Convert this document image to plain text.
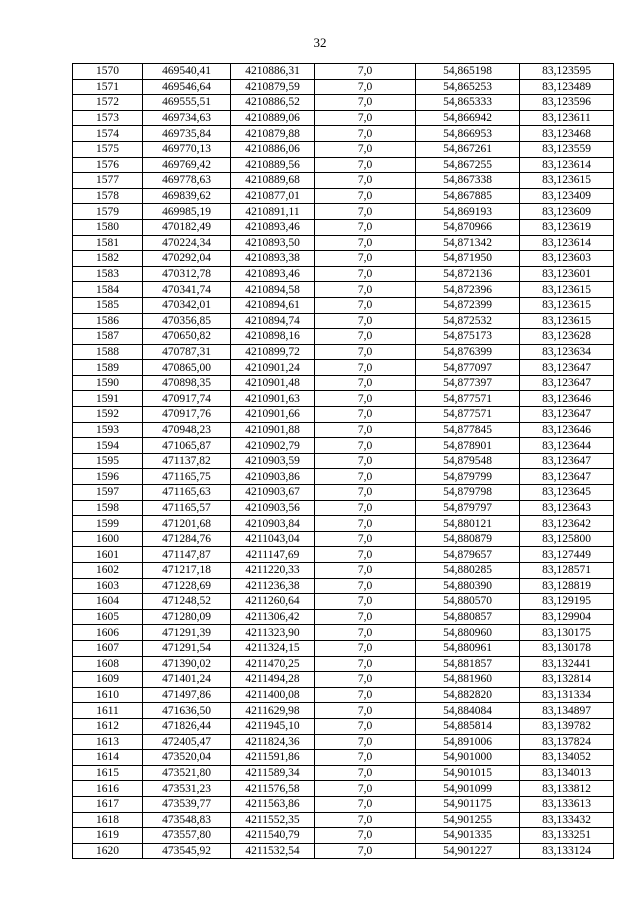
32
1570	469540,41	4210886,31	7,0	54,865198	83,123595
1571	469546,64	4210879,59	7,0	54,865253	83,123489
1572	469555,51	4210886,52	7,0	54,865333	83,123596
1573	469734,63	4210889,06	7,0	54,866942	83,123611
1574	469735,84	4210879,88	7,0	54,866953	83,123468
1575	469770,13	4210886,06	7,0	54,867261	83,123559
1576	469769,42	4210889,56	7,0	54,867255	83,123614
1577	469778,63	4210889,68	7,0	54,867338	83,123615
1578	469839,62	4210877,01	7,0	54,867885	83,123409
1579	469985,19	4210891,11	7,0	54,869193	83,123609
1580	470182,49	4210893,46	7,0	54,870966	83,123619
1581	470224,34	4210893,50	7,0	54,871342	83,123614
1582	470292,04	4210893,38	7,0	54,871950	83,123603
1583	470312,78	4210893,46	7,0	54,872136	83,123601
1584	470341,74	4210894,58	7,0	54,872396	83,123615
1585	470342,01	4210894,61	7,0	54,872399	83,123615
1586	470356,85	4210894,74	7,0	54,872532	83,123615
1587	470650,82	4210898,16	7,0	54,875173	83,123628
1588	470787,31	4210899,72	7,0	54,876399	83,123634
1589	470865,00	4210901,24	7,0	54,877097	83,123647
1590	470898,35	4210901,48	7,0	54,877397	83,123647
1591	470917,74	4210901,63	7,0	54,877571	83,123646
1592	470917,76	4210901,66	7,0	54,877571	83,123647
1593	470948,23	4210901,88	7,0	54,877845	83,123646
1594	471065,87	4210902,79	7,0	54,878901	83,123644
1595	471137,82	4210903,59	7,0	54,879548	83,123647
1596	471165,75	4210903,86	7,0	54,879799	83,123647
1597	471165,63	4210903,67	7,0	54,879798	83,123645
1598	471165,57	4210903,56	7,0	54,879797	83,123643
1599	471201,68	4210903,84	7,0	54,880121	83,123642
1600	471284,76	4211043,04	7,0	54,880879	83,125800
1601	471147,87	4211147,69	7,0	54,879657	83,127449
1602	471217,18	4211220,33	7,0	54,880285	83,128571
1603	471228,69	4211236,38	7,0	54,880390	83,128819
1604	471248,52	4211260,64	7,0	54,880570	83,129195
1605	471280,09	4211306,42	7,0	54,880857	83,129904
1606	471291,39	4211323,90	7,0	54,880960	83,130175
1607	471291,54	4211324,15	7,0	54,880961	83,130178
1608	471390,02	4211470,25	7,0	54,881857	83,132441
1609	471401,24	4211494,28	7,0	54,881960	83,132814
1610	471497,86	4211400,08	7,0	54,882820	83,131334
1611	471636,50	4211629,98	7,0	54,884084	83,134897
1612	471826,44	4211945,10	7,0	54,885814	83,139782
1613	472405,47	4211824,36	7,0	54,891006	83,137824
1614	473520,04	4211591,86	7,0	54,901000	83,134052
1615	473521,80	4211589,34	7,0	54,901015	83,134013
1616	473531,23	4211576,58	7,0	54,901099	83,133812
1617	473539,77	4211563,86	7,0	54,901175	83,133613
1618	473548,83	4211552,35	7,0	54,901255	83,133432
1619	473557,80	4211540,79	7,0	54,901335	83,133251
1620	473545,92	4211532,54	7,0	54,901227	83,133124
